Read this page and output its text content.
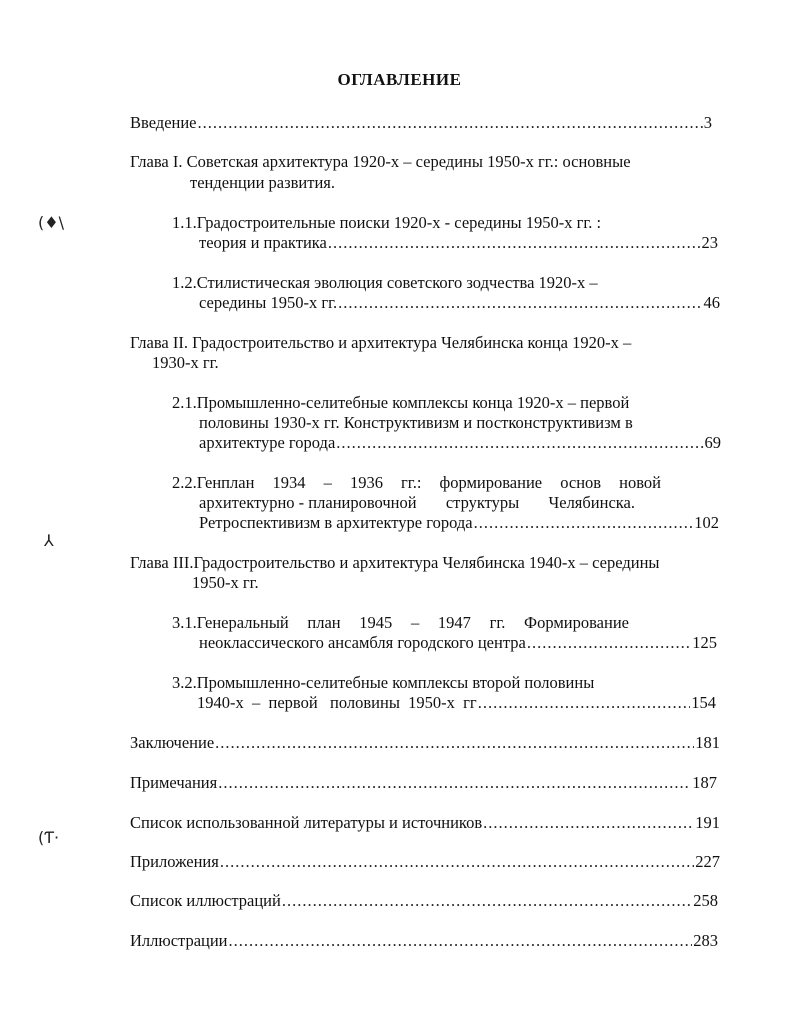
ОГЛАВЛЕНИЕ
Введение .....	3
Глава I. Советская архитектура 1920-х – середины 1950-х гг.: основные
тенденции развития.
1.1.Градостроительные поиски 1920-х - середины 1950-х гг. :
теория и практика .....	23
1.2.Стилистическая эволюция советского зодчества 1920-х –
середины 1950-х гг. .....	46
Глава II. Градостроительство и архитектура Челябинска конца 1920-х –
1930-х гг.
2.1.Промышленно-селитебные комплексы конца 1920-х – первой
половины 1930-х гг. Конструктивизм и постконструктивизм в
архитектуре города .....	69
2.2.Генплан 1934 – 1936 гг.: формирование основ новой
архитектурно - планировочной структуры Челябинска.
Ретроспективизм в архитектуре города .....	102
Глава III.Градостроительство и архитектура Челябинска 1940-х – середины
1950-х гг.
3.1.Генеральный план 1945 – 1947 гг. Формирование
неоклассического ансамбля городского центра .....	125
3.2.Промышленно-селитебные комплексы второй половины
1940-х  –  первой   половины  1950-х  гг .....	154
Заключение .....	181
Примечания .....	187
Список использованной литературы и источников .....	191
Приложения .....	227
Список иллюстраций .....	258
Иллюстрации .....	283
(♦\
⅄
(Ƭ·
